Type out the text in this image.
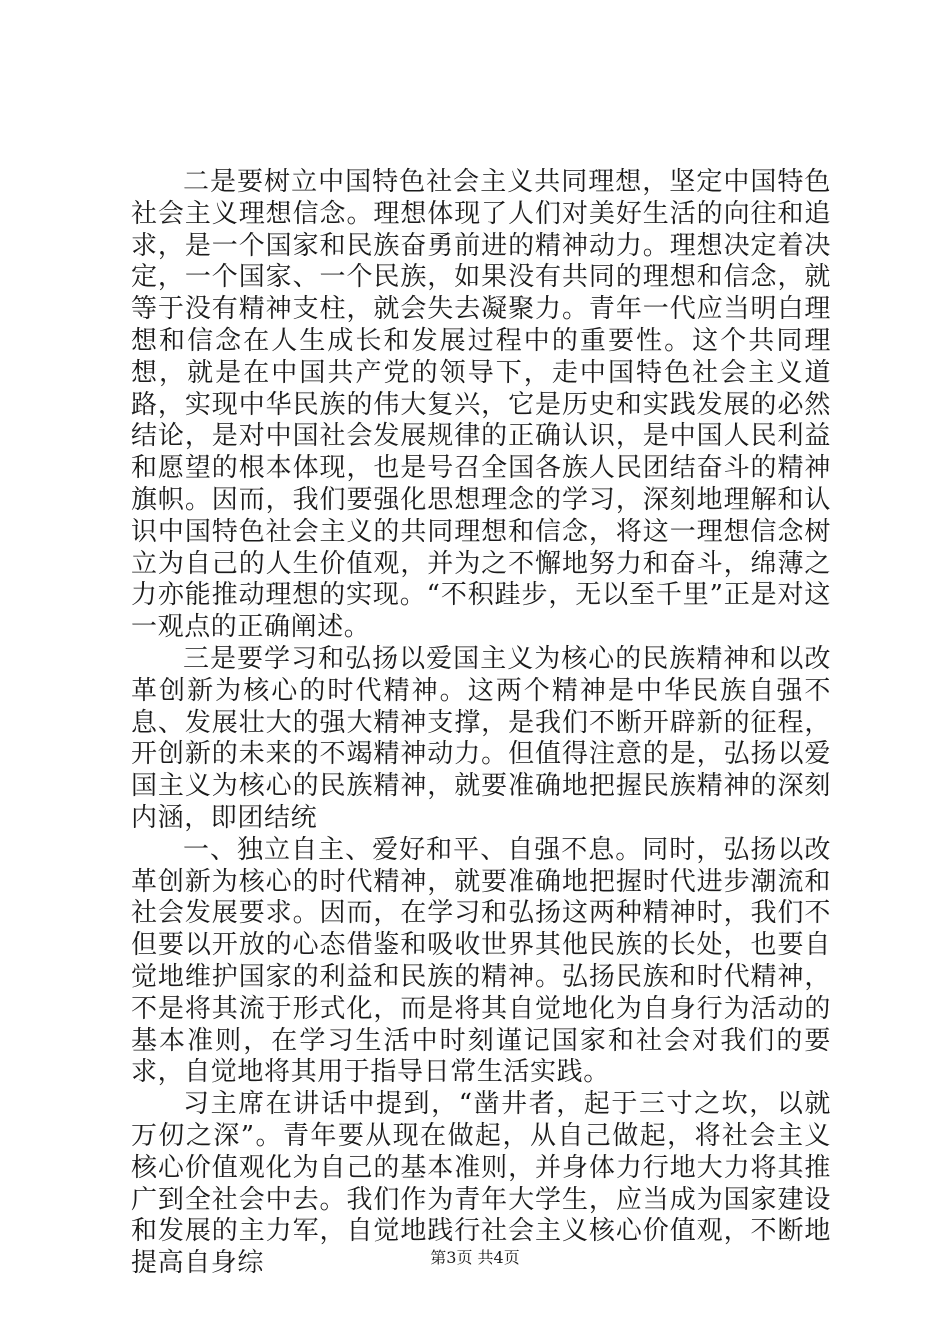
二是要树立中国特色社会主义共同理想，坚定中国特色社会主义理想信念。理想体现了人们对美好生活的向往和追求，是一个国家和民族奋勇前进的精神动力。理想决定着决定，一个国家、一个民族，如果没有共同的理想和信念，就等于没有精神支柱，就会失去凝聚力。青年一代应当明白理想和信念在人生成长和发展过程中的重要性。这个共同理想，就是在中国共产党的领导下，走中国特色社会主义道路，实现中华民族的伟大复兴，它是历史和实践发展的必然结论，是对中国社会发展规律的正确认识，是中国人民利益和愿望的根本体现，也是号召全国各族人民团结奋斗的精神旗帜。因而，我们要强化思想理念的学习，深刻地理解和认识中国特色社会主义的共同理想和信念，将这一理想信念树立为自己的人生价值观，并为之不懈地努力和奋斗，绵薄之力亦能推动理想的实现。“不积跬步，无以至千里”正是对这一观点的正确阐述。

三是要学习和弘扬以爱国主义为核心的民族精神和以改革创新为核心的时代精神。这两个精神是中华民族自强不息、发展壮大的强大精神支撑，是我们不断开辟新的征程，开创新的未来的不竭精神动力。但值得注意的是，弘扬以爱国主义为核心的民族精神，就要准确地把握民族精神的深刻内涵，即团结统

一、独立自主、爱好和平、自强不息。同时，弘扬以改革创新为核心的时代精神，就要准确地把握时代进步潮流和社会发展要求。因而，在学习和弘扬这两种精神时，我们不但要以开放的心态借鉴和吸收世界其他民族的长处，也要自觉地维护国家的利益和民族的精神。弘扬民族和时代精神，不是将其流于形式化，而是将其自觉地化为自身行为活动的基本准则，在学习生活中时刻谨记国家和社会对我们的要求，自觉地将其用于指导日常生活实践。

习主席在讲话中提到，“凿井者，起于三寸之坎，以就万仞之深”。青年要从现在做起，从自己做起，将社会主义核心价值观化为自己的基本准则，并身体力行地大力将其推广到全社会中去。我们作为青年大学生，应当成为国家建设和发展的主力军，自觉地践行社会主义核心价值观，不断地提高自身综	第3页 共4页
